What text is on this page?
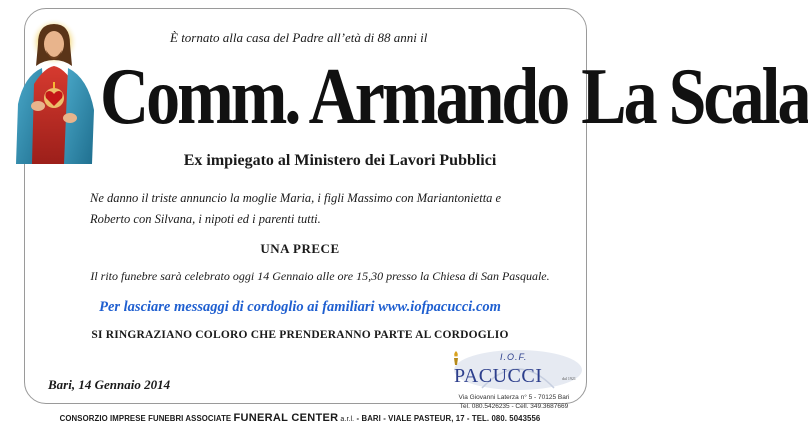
È tornato alla casa del Padre all’età di 88 anni il
Comm. Armando La Scala
Ex impiegato al Ministero dei Lavori Pubblici
Ne danno il triste annuncio la moglie Maria, i figli Massimo con Mariantonietta e
Roberto con Silvana, i nipoti ed i parenti tutti.
UNA PRECE
Il rito funebre sarà celebrato oggi 14 Gennaio alle ore 15,30 presso la Chiesa di San Pasquale.
Per lasciare messaggi di cordoglio ai familiari www.iofpacucci.com
SI RINGRAZIANO COLORO CHE PRENDERANNO PARTE AL CORDOGLIO
Bari, 14 Gennaio 2014
I.O.F.
PACUCCI	dal 1921
Via Giovanni Laterza n° 5 - 70125 Bari
Tel. 080.5426235 - Cell. 349.3687669
CONSORZIO IMPRESE FUNEBRI ASSOCIATE FUNERAL CENTER a.r.l. - BARI - VIALE PASTEUR, 17 - TEL. 080. 5043556
